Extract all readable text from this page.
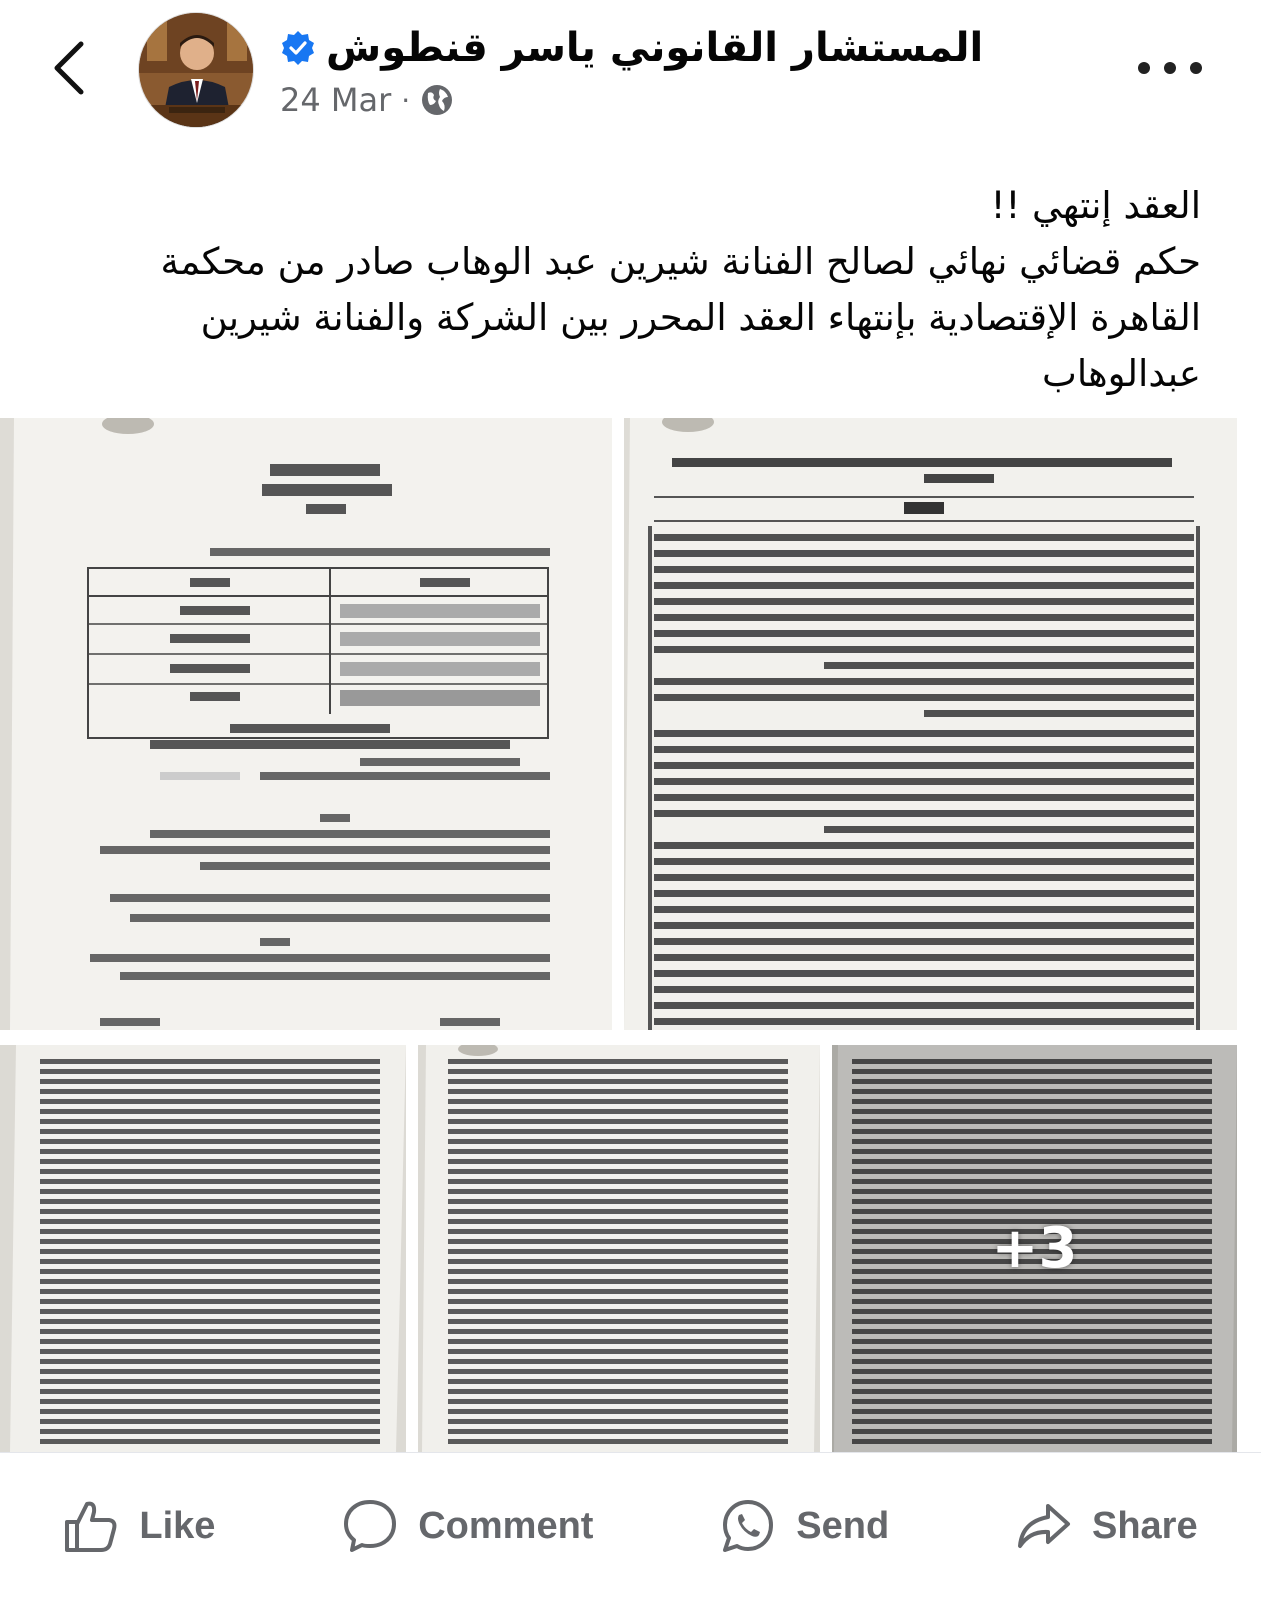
المستشار القانوني ياسر قنطوش
24 Mar ·

العقد إنتهي !!

حكم قضائي نهائي لصالح الفنانة شيرين عبد الوهاب صادر من محكمة القاهرة الإقتصادية بإنتهاء العقد المحرر بين الشركة والفنانة شيرين عبدالوهاب

+3
Like	Comment	Send	Share
